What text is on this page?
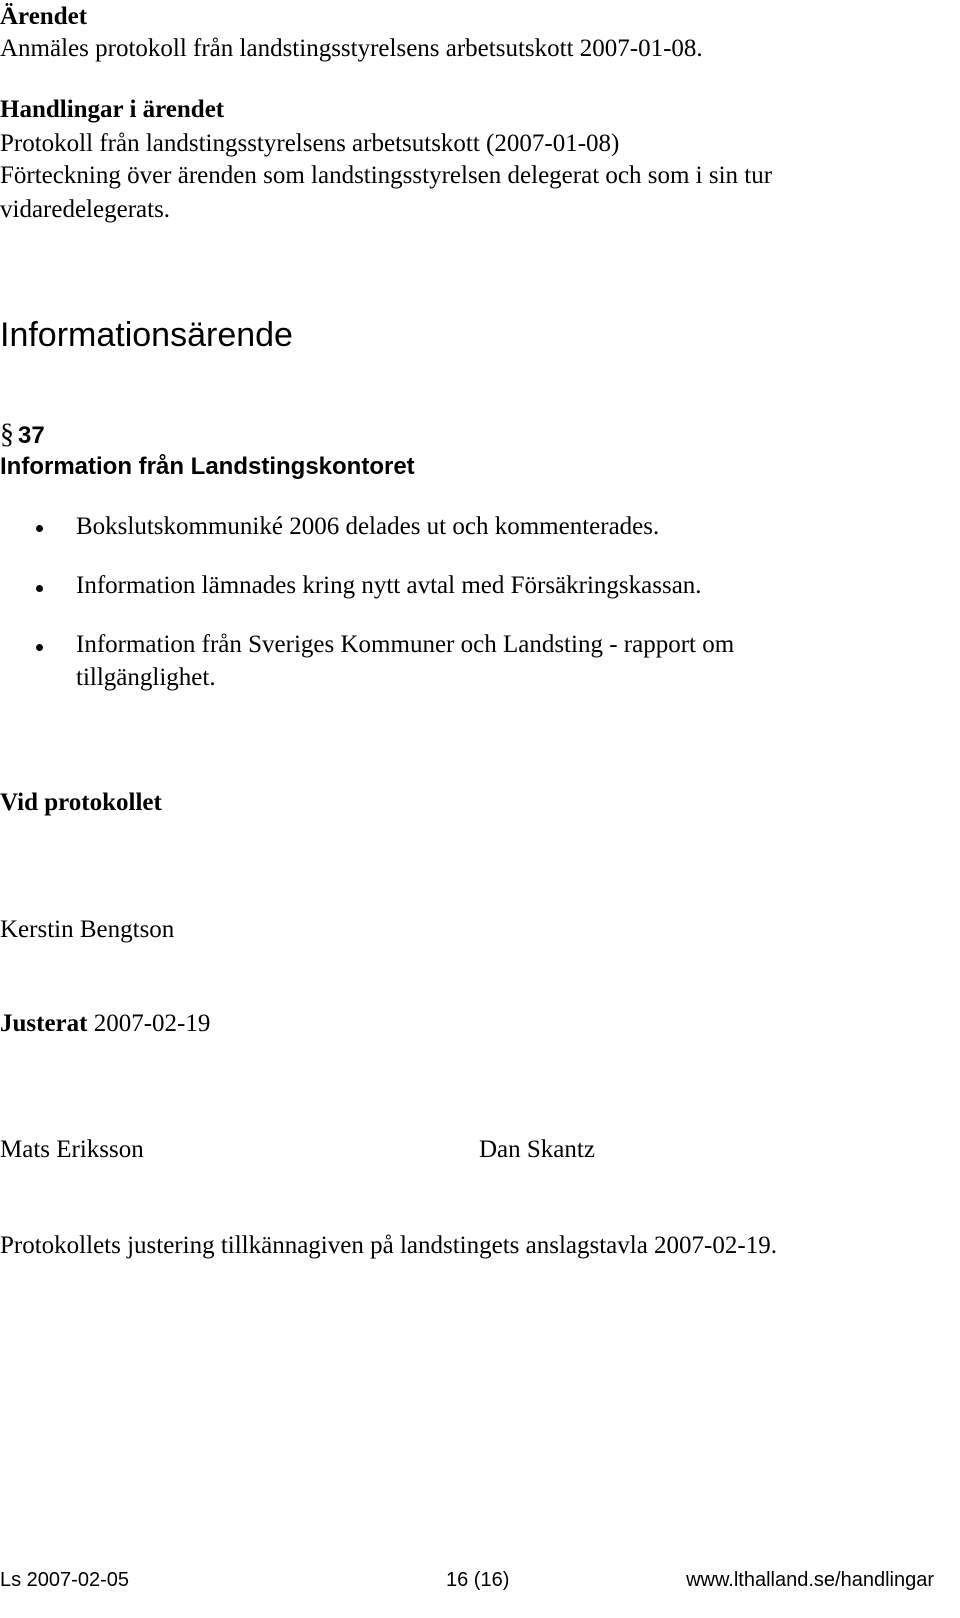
Ärendet
Anmäles protokoll från landstingsstyrelsens arbetsutskott 2007-01-08.
Handlingar i ärendet
Protokoll från landstingsstyrelsens arbetsutskott (2007-01-08)
Förteckning över ärenden som landstingsstyrelsen delegerat och som i sin tur
vidaredelegerats.
Informationsärende
§ 37
Information från Landstingskontoret
Bokslutskommuniké 2006 delades ut och kommenterades.
Information lämnades kring nytt avtal med Försäkringskassan.
Information från Sveriges Kommuner och Landsting - rapport om
tillgänglighet.
Vid protokollet
Kerstin Bengtson
Justerat 2007-02-19
Mats Eriksson	Dan Skantz
Protokollets justering tillkännagiven på landstingets anslagstavla 2007-02-19.
Ls 2007-02-05	16 (16)	www.lthalland.se/handlingar
